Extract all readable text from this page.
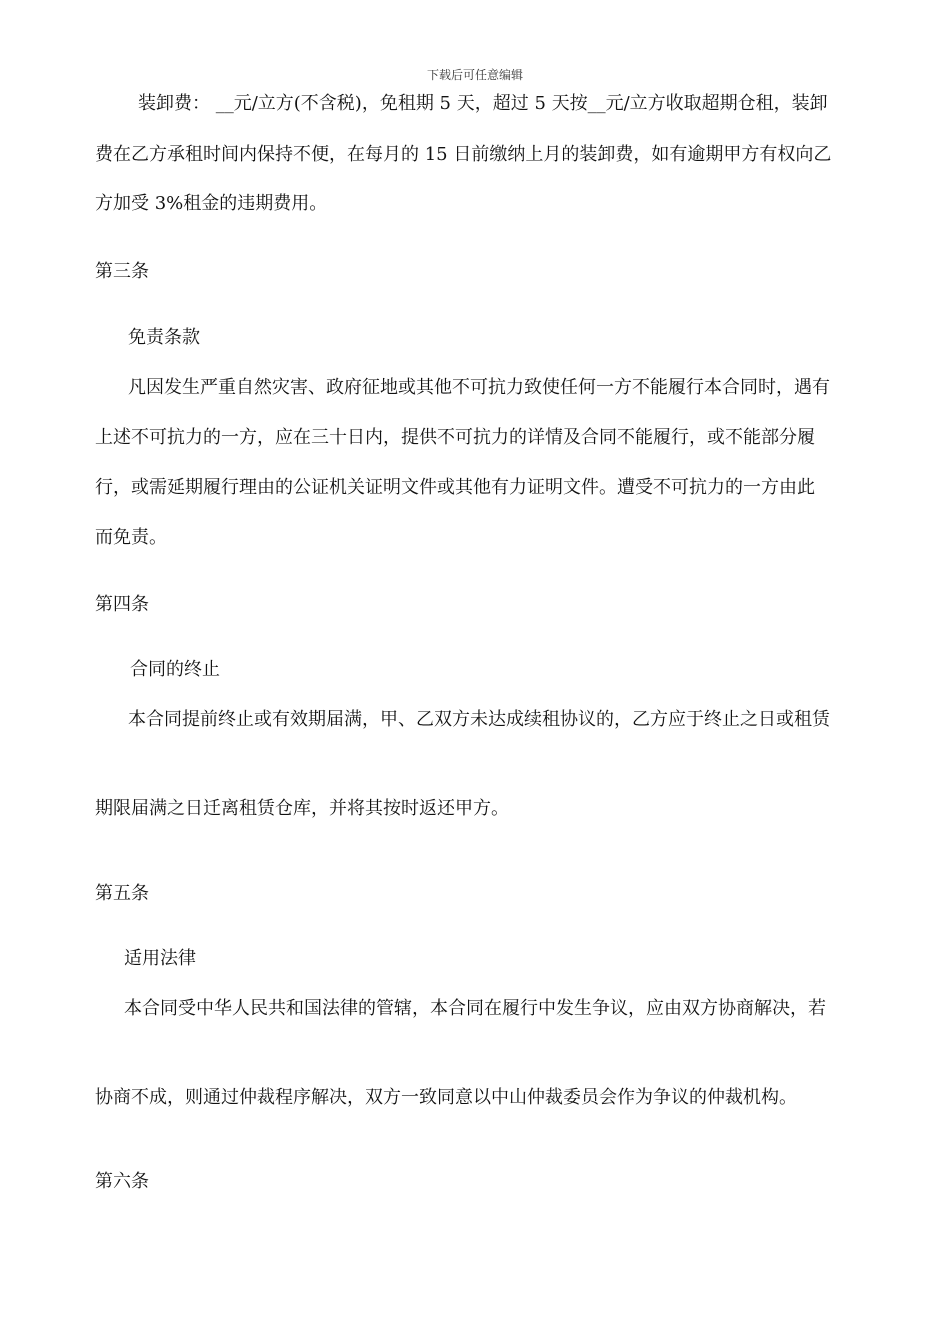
下载后可任意编辑
装卸费： __元/立方(不含税)，免租期 5 天，超过 5 天按__元/立方收取超期仓租，装卸
费在乙方承租时间内保持不便，在每月的 15 日前缴纳上月的装卸费，如有逾期甲方有权向乙
方加受 3%租金的违期费用。
第三条
免责条款
凡因发生严重自然灾害、政府征地或其他不可抗力致使任何一方不能履行本合同时，遇有
上述不可抗力的一方，应在三十日内，提供不可抗力的详情及合同不能履行，或不能部分履
行，或需延期履行理由的公证机关证明文件或其他有力证明文件。遭受不可抗力的一方由此
而免责。
第四条
合同的终止
本合同提前终止或有效期届满，甲、乙双方未达成续租协议的，乙方应于终止之日或租赁
期限届满之日迁离租赁仓库，并将其按时返还甲方。
第五条
适用法律
本合同受中华人民共和国法律的管辖，本合同在履行中发生争议，应由双方协商解决，若
协商不成，则通过仲裁程序解决，双方一致同意以中山仲裁委员会作为争议的仲裁机构。
第六条
